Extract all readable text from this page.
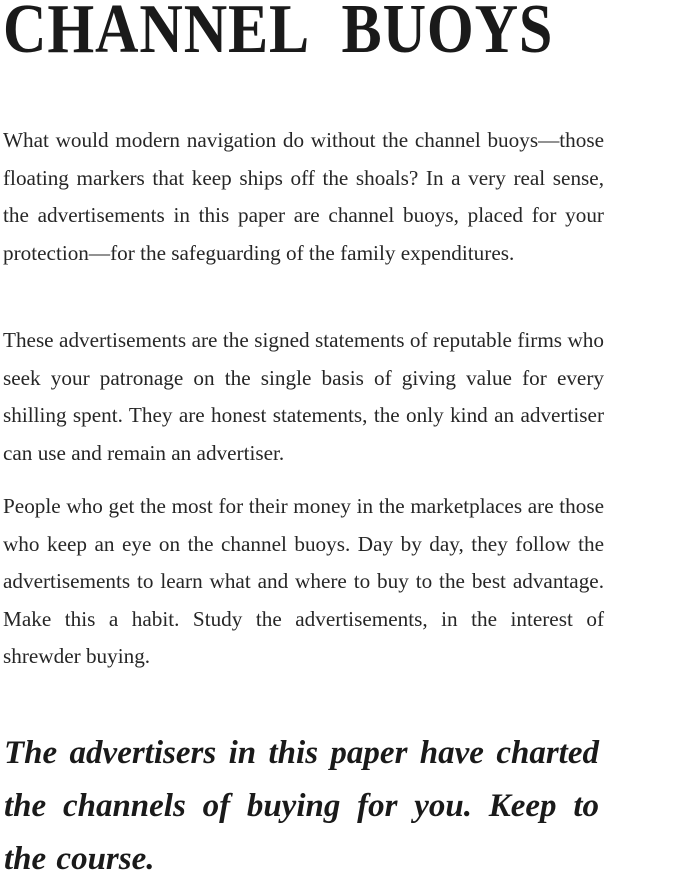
CHANNEL BUOYS

What would modern navigation do without the channel buoys—those floating markers that keep ships off the shoals? In a very real sense, the advertisements in this paper are channel buoys, placed for your protection—for the safeguarding of the family expenditures.

These advertisements are the signed statements of reputable firms who seek your patronage on the single basis of giving value for every shilling spent. They are honest statements, the only kind an advertiser can use and remain an advertiser.

People who get the most for their money in the marketplaces are those who keep an eye on the channel buoys. Day by day, they follow the advertisements to learn what and where to buy to the best advantage. Make this a habit. Study the advertisements, in the interest of shrewder buying.

The advertisers in this paper have charted the channels of buying for you. Keep to the course.
